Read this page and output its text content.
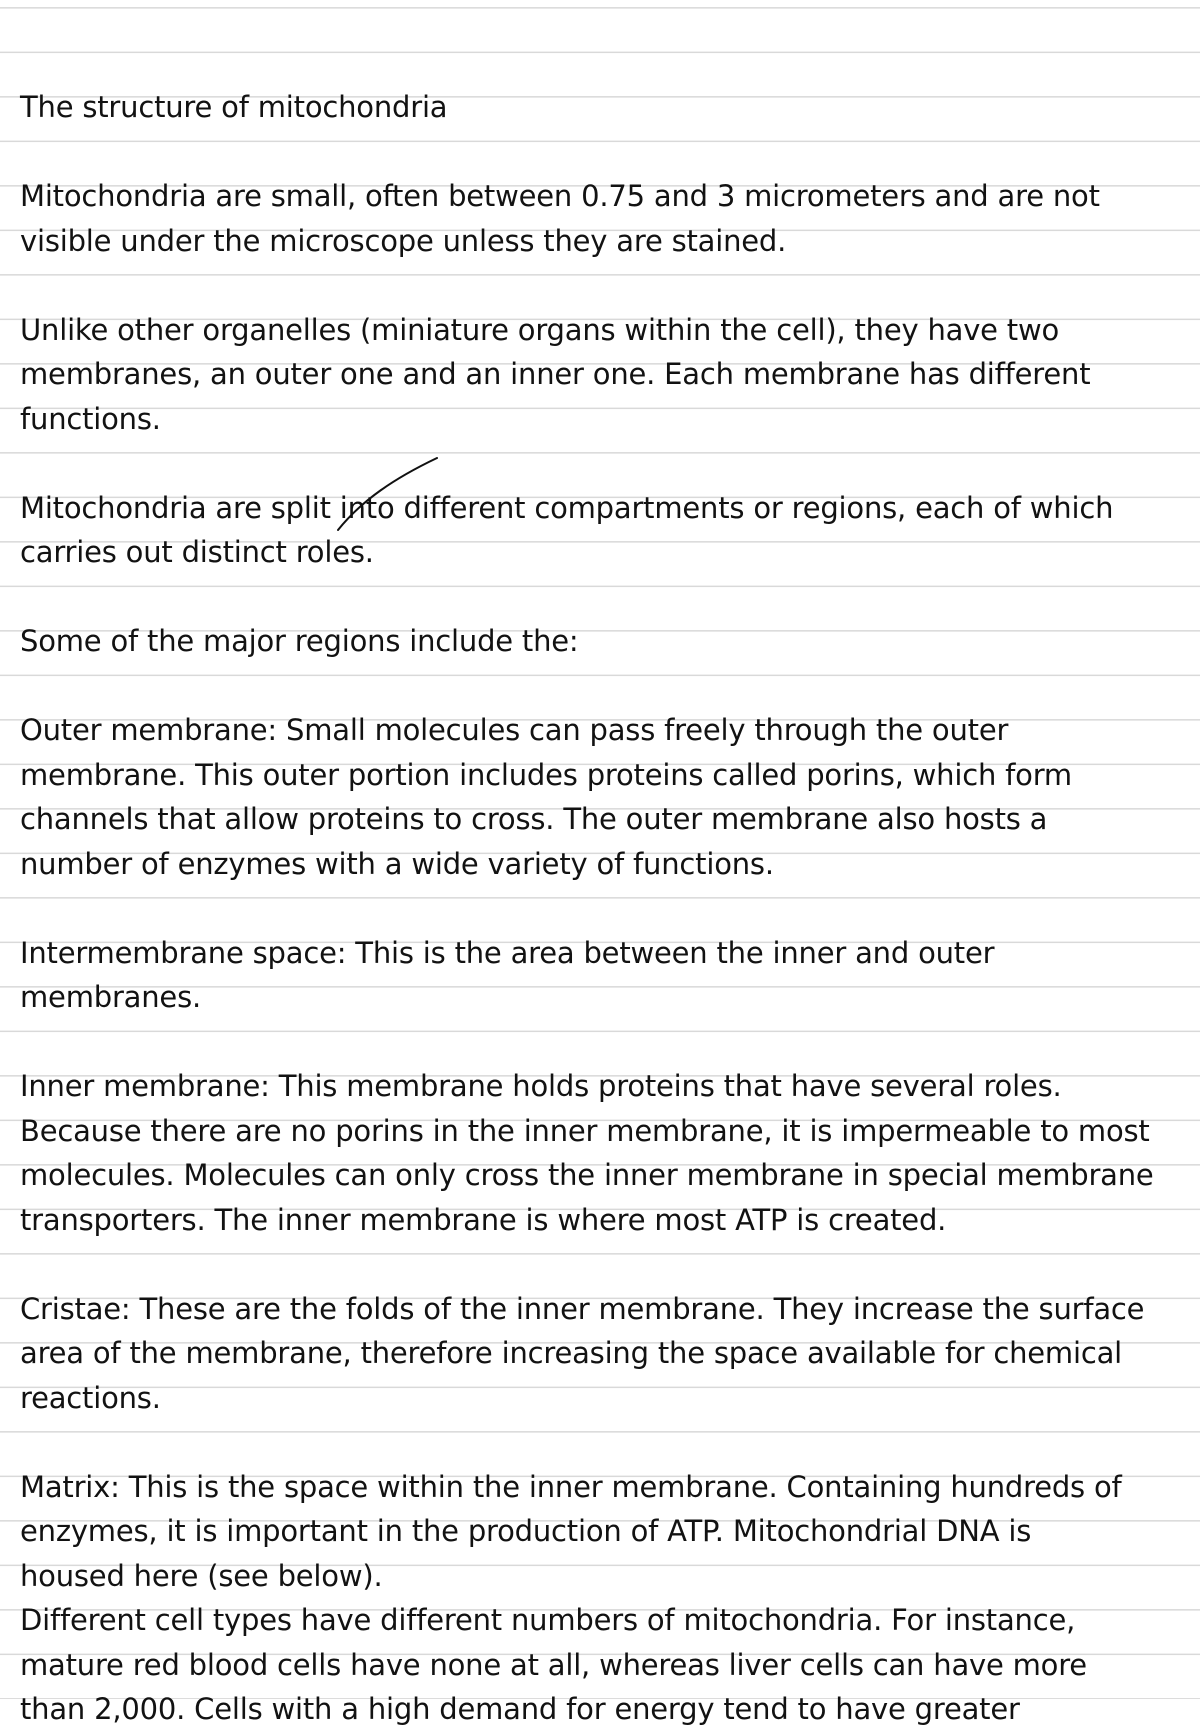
The structure of mitochondria
Mitochondria are small, often between 0.75 and 3 micrometers and are not
visible under the microscope unless they are stained.
Unlike other organelles (miniature organs within the cell), they have two
membranes, an outer one and an inner one. Each membrane has different
functions.
Mitochondria are split into different compartments or regions, each of which
carries out distinct roles.
Some of the major regions include the:
Outer membrane: Small molecules can pass freely through the outer
membrane. This outer portion includes proteins called porins, which form
channels that allow proteins to cross. The outer membrane also hosts a
number of enzymes with a wide variety of functions.
Intermembrane space: This is the area between the inner and outer
membranes.
Inner membrane: This membrane holds proteins that have several roles.
Because there are no porins in the inner membrane, it is impermeable to most
molecules. Molecules can only cross the inner membrane in special membrane
transporters. The inner membrane is where most ATP is created.
Cristae: These are the folds of the inner membrane. They increase the surface
area of the membrane, therefore increasing the space available for chemical
reactions.
Matrix: This is the space within the inner membrane. Containing hundreds of
enzymes, it is important in the production of ATP. Mitochondrial DNA is
housed here (see below).
Different cell types have different numbers of mitochondria. For instance,
mature red blood cells have none at all, whereas liver cells can have more
than 2,000. Cells with a high demand for energy tend to have greater
